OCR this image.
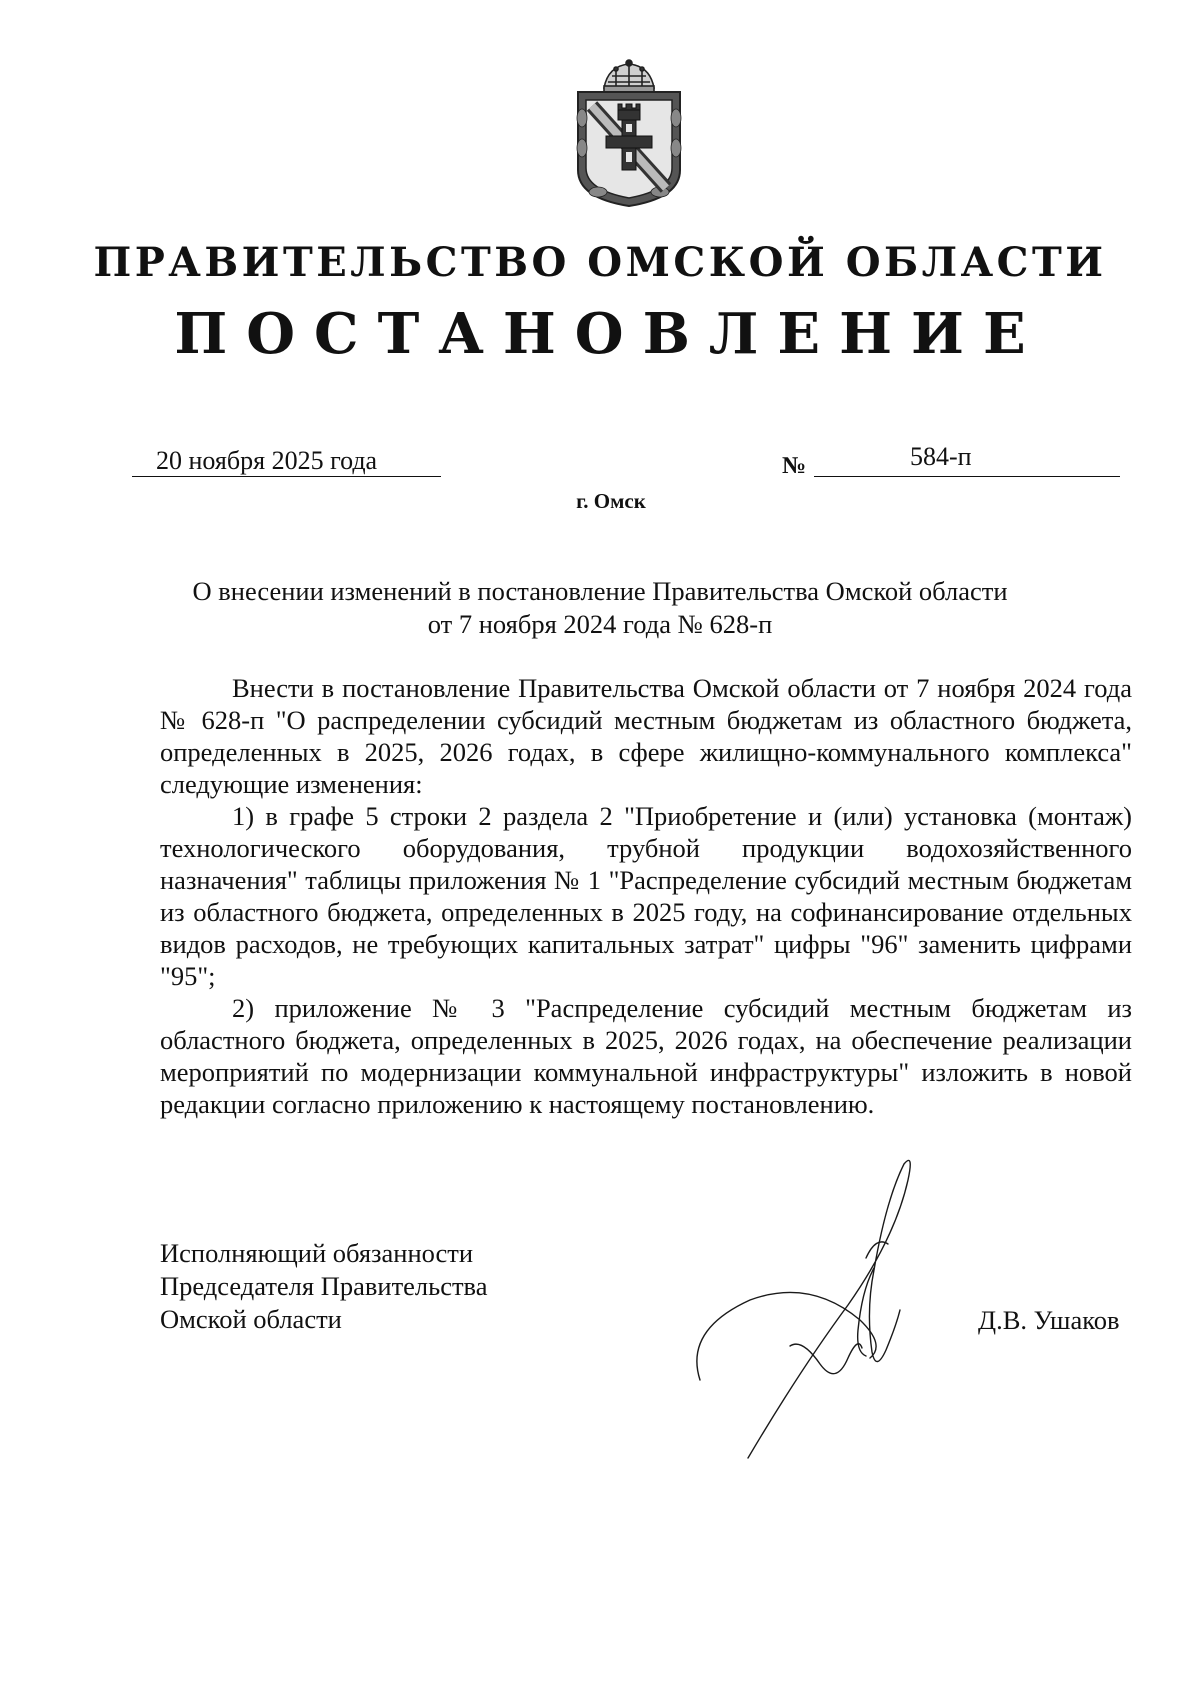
ПРАВИТЕЛЬСТВО ОМСКОЙ ОБЛАСТИ
ПОСТАНОВЛЕНИЕ
20 ноября 2025 года	№	584-п
г. Омск
О внесении изменений в постановление Правительства Омской области
от 7 ноября 2024 года № 628-п

Внести в постановление Правительства Омской области от 7 ноября 2024 года № 628-п "О распределении субсидий местным бюджетам из областного бюджета, определенных в 2025, 2026 годах, в сфере жилищно-коммунального комплекса" следующие изменения:

1) в графе 5 строки 2 раздела 2 "Приобретение и (или) установка (монтаж) технологического оборудования, трубной продукции водохозяйственного назначения" таблицы приложения № 1 "Распределение субсидий местным бюджетам из областного бюджета, определенных в 2025 году, на софинансирование отдельных видов расходов, не требующих капитальных затрат" цифры "96" заменить цифрами "95";

2) приложение № 3 "Распределение субсидий местным бюджетам из областного бюджета, определенных в 2025, 2026 годах, на обеспечение реализации мероприятий по модернизации коммунальной инфраструктуры" изложить в новой редакции согласно приложению к настоящему постановлению.

Исполняющий обязанности
Председателя Правительства
Омской области	Д.В. Ушаков
